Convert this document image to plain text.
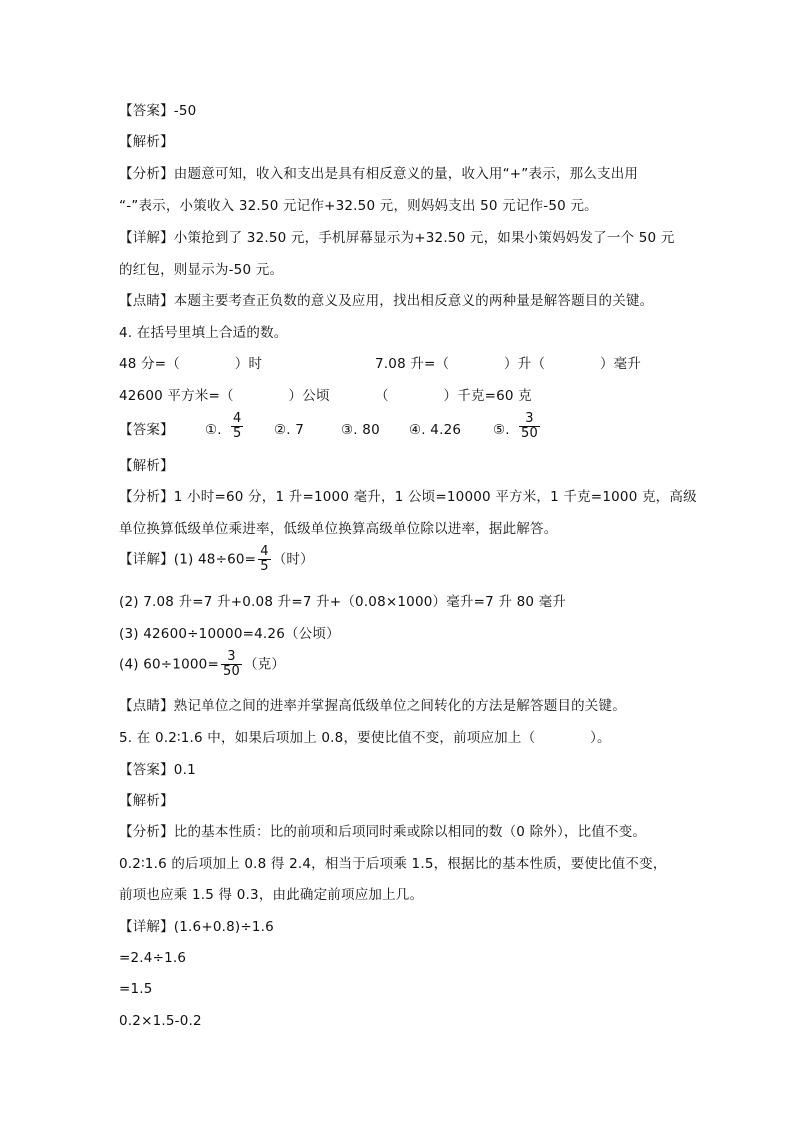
【答案】-50
【解析】
【分析】由题意可知，收入和支出是具有相反意义的量，收入用“+”表示，那么支出用
“-”表示，小策收入 32.50 元记作+32.50 元，则妈妈支出 50 元记作-50 元。
【详解】小策抢到了 32.50 元，手机屏幕显示为+32.50 元，如果小策妈妈发了一个 50 元
的红包，则显示为-50 元。
【点睛】本题主要考查正负数的意义及应用，找出相反意义的两种量是解答题目的关键。
4. 在括号里填上合适的数。
48 分=（　　　　）时	7.08 升=（　　　　）升（　　　　）毫升
42600 平方米=（　　　　）公顷	（　　　　）千克=60 克
【答案】 ①. $\frac{4}{5}$ ②. 7	③. 80 ④. 4.26 ⑤. $\frac{3}{50}$
【解析】
【分析】1 小时=60 分，1 升=1000 毫升，1 公顷=10000 平方米，1 千克=1000 克，高级
单位换算低级单位乘进率，低级单位换算高级单位除以进率，据此解答。
【详解】(1) $48\div 60= \frac{4}{5}$ （时）
(2) 7.08 升=7 升+0.08 升=7 升+（0.08×1000）毫升=7 升 80 毫升
(3) 42600÷10000=4.26（公顷）
(4) $60\div 1000= \frac{3}{50}$ （克）
【点睛】熟记单位之间的进率并掌握高低级单位之间转化的方法是解答题目的关键。
5. 在 0.2∶1.6 中，如果后项加上 0.8，要使比值不变，前项应加上（　　　　）。
【答案】0.1
【解析】
【分析】比的基本性质：比的前项和后项同时乘或除以相同的数（0 除外），比值不变。
0.2∶1.6 的后项加上 0.8 得 2.4，相当于后项乘 1.5，根据比的基本性质，要使比值不变，
前项也应乘 1.5 得 0.3，由此确定前项应加上几。
【详解】(1.6+0.8)÷1.6
=2.4÷1.6
=1.5
0.2×1.5-0.2
